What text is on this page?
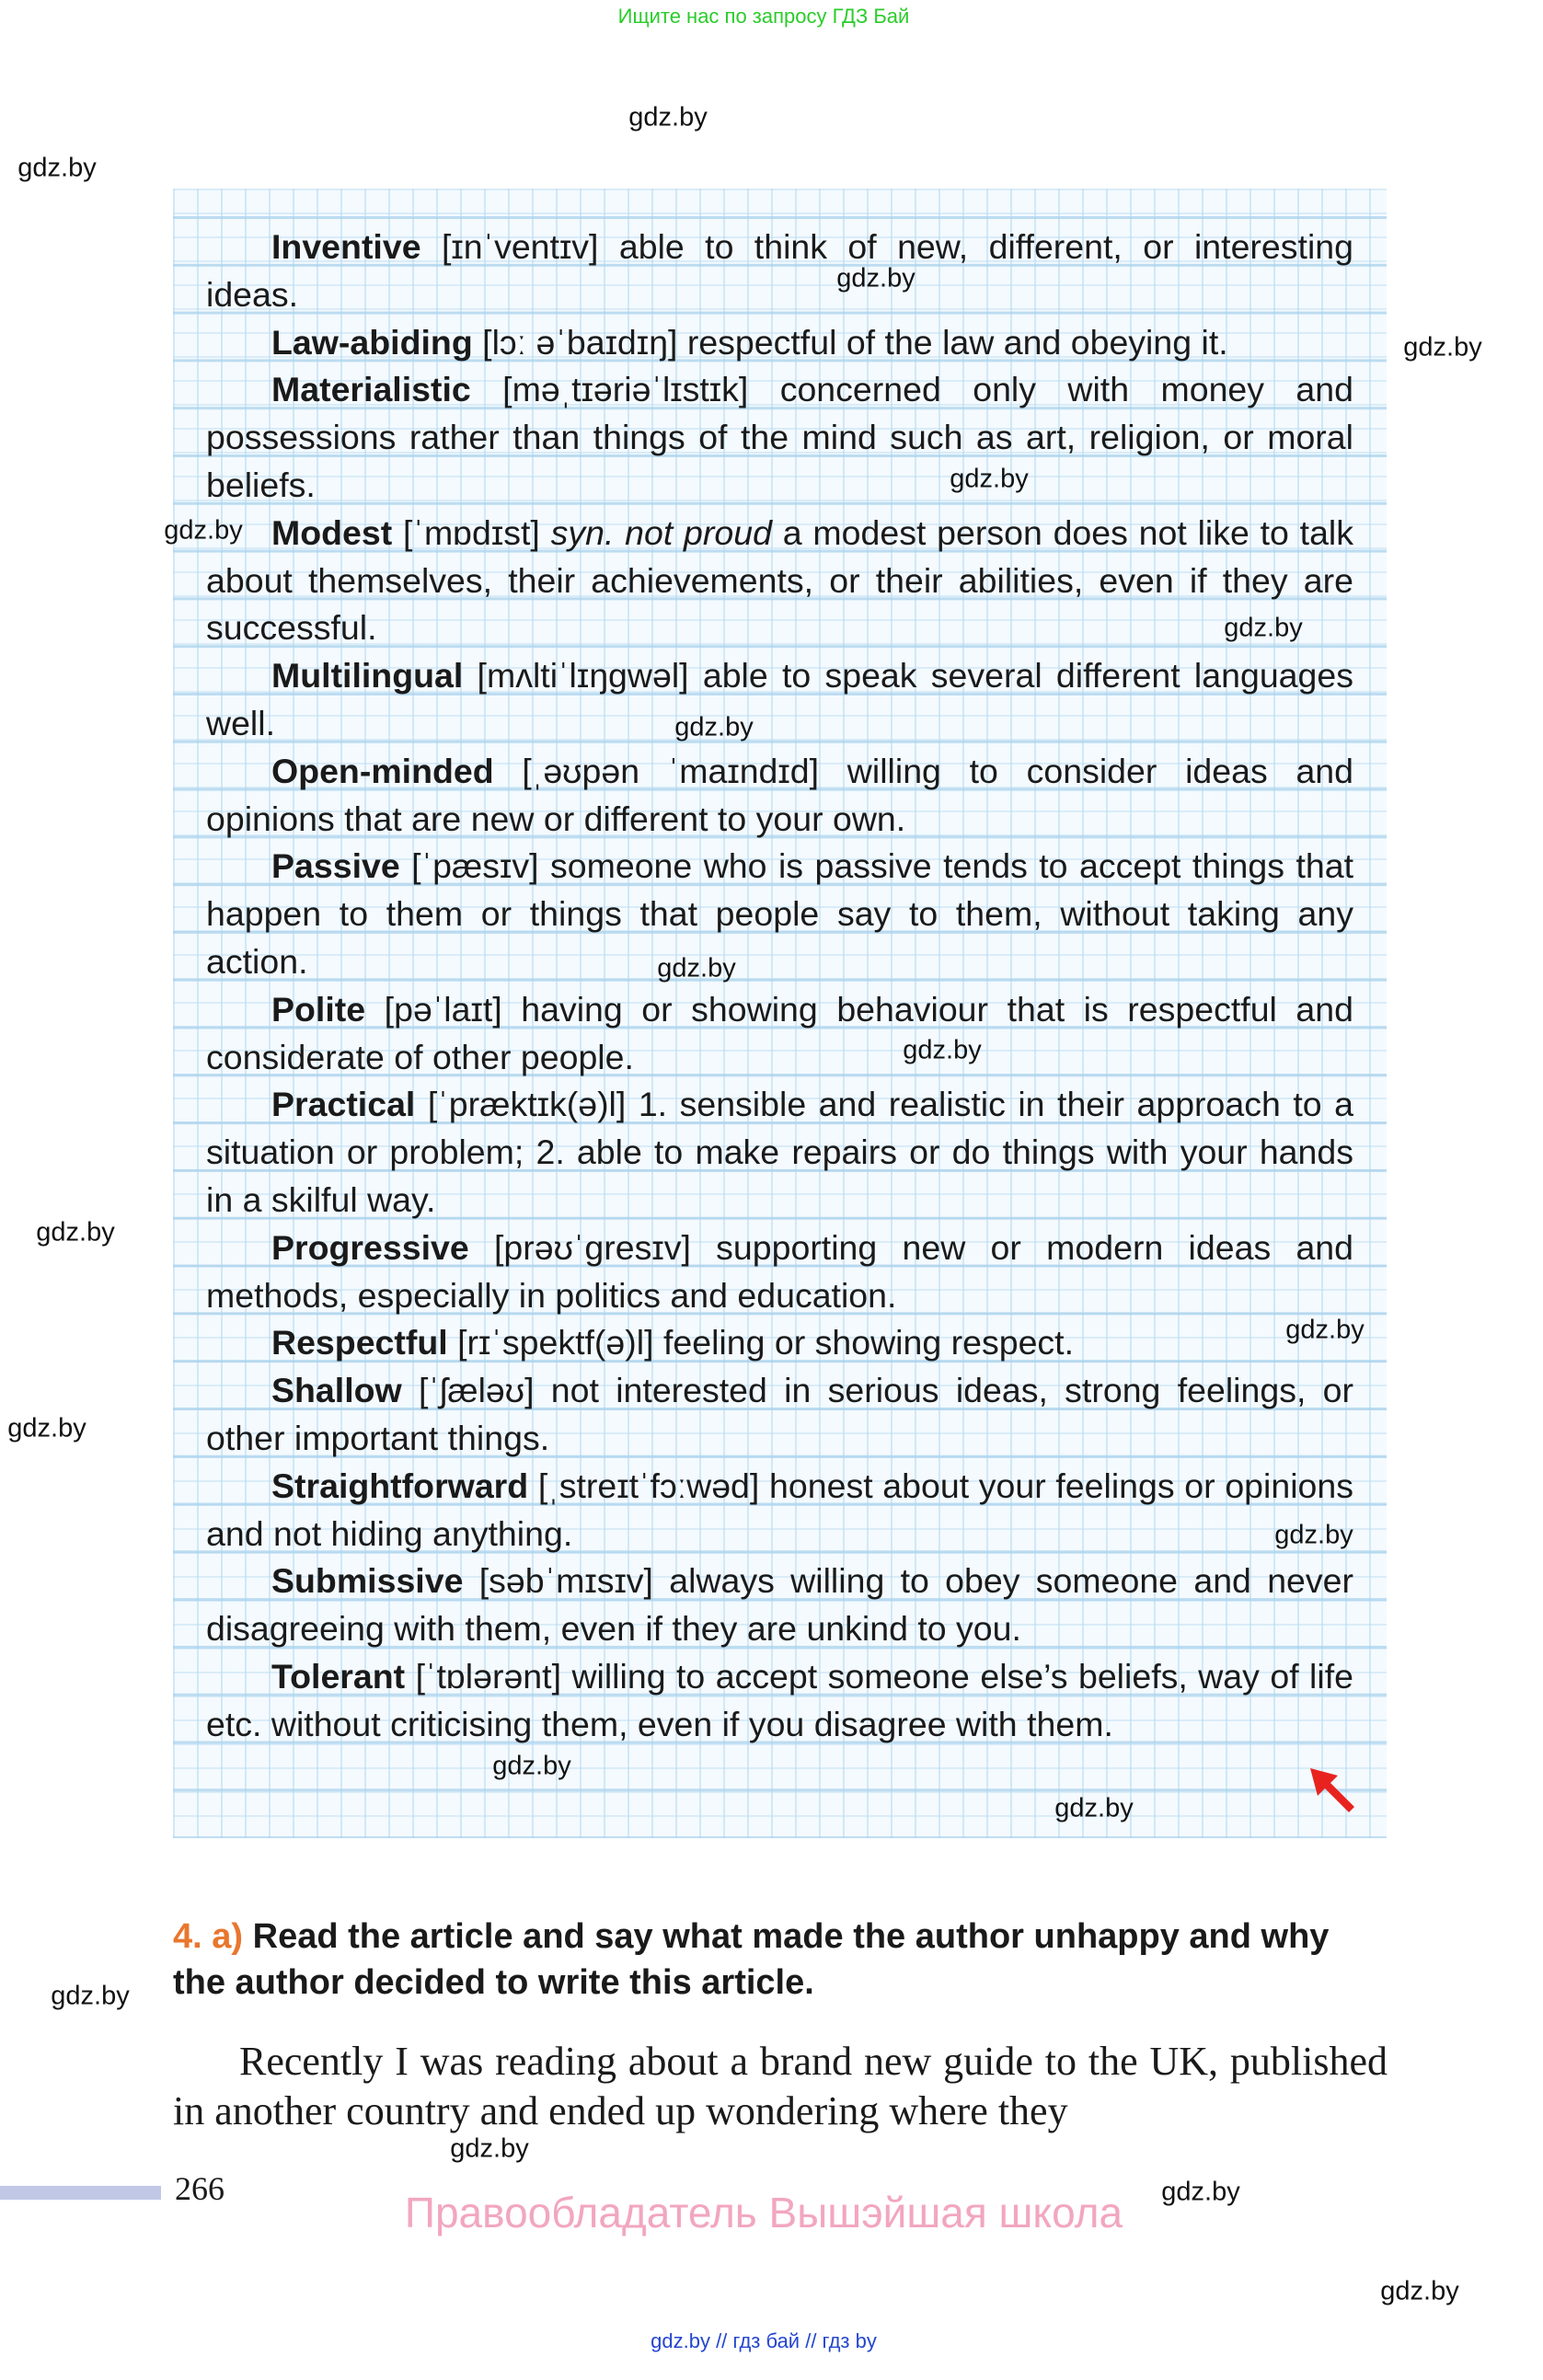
Ищите нас по запросу ГДЗ Бай

Inventive [ɪnˈventɪv] able to think of new, different, or interesting ideas.

Law-abiding [lɔː əˈbaɪdɪŋ] respectful of the law and obeying it.

Materialistic [məˌtɪəriəˈlɪstɪk] concerned only with money and possessions rather than things of the mind such as art, religion, or moral beliefs.

Modest [ˈmɒdɪst] syn. not proud a modest person does not like to talk about themselves, their achievements, or their abilities, even if they are successful.

Multilingual [mʌltiˈlɪŋgwəl] able to speak several different languages well.

Open-minded [ˌəʊpən ˈmaɪndɪd] willing to consider ideas and opinions that are new or different to your own.

Passive [ˈpæsɪv] someone who is passive tends to accept things that happen to them or things that people say to them, without taking any action.

Polite [pəˈlaɪt] having or showing behaviour that is respectful and considerate of other people.

Practical [ˈpræktɪk(ə)l] 1. sensible and realistic in their approach to a situation or problem; 2. able to make repairs or do things with your hands in a skilful way.

Progressive [prəʊˈgresɪv] supporting new or modern ideas and methods, especially in politics and education.

Respectful [rɪˈspektf(ə)l] feeling or showing respect.

Shallow [ˈʃæləʊ] not interested in serious ideas, strong feelings, or other important things.

Straightforward [ˌstreɪtˈfɔːwəd] honest about your feelings or opinions and not hiding anything.

Submissive [səbˈmɪsɪv] always willing to obey someone and never disagreeing with them, even if they are unkind to you.

Tolerant [ˈtɒlərənt] willing to accept someone else’s beliefs, way of life etc. without criticising them, even if you disagree with them.

4. a) Read the article and say what made the author unhappy and why the author decided to write this article.

Recently I was reading about a brand new guide to the UK, published in another country and ended up wondering where they

266	Правообладатель Вышэйшая школа
gdz.by // гдз бай // гдз by
gdz.by
gdz.by
gdz.by
gdz.by
gdz.by
gdz.by
gdz.by
gdz.by
gdz.by
gdz.by
gdz.by
gdz.by
gdz.by
gdz.by
gdz.by
gdz.by
gdz.by
gdz.by
gdz.by
gdz.by
